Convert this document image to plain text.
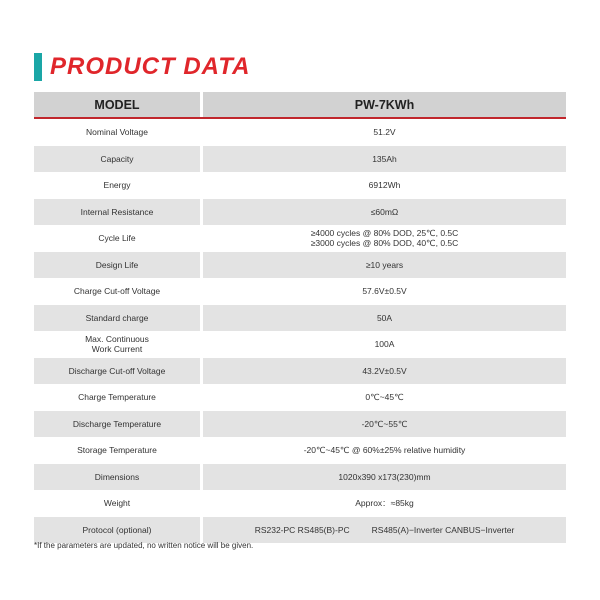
PRODUCT DATA
MODEL	PW-7KWh
Nominal Voltage	51.2V
Capacity	135Ah
Energy	6912Wh
Internal Resistance	≤60mΩ
Cycle Life	≥4000 cycles @ 80% DOD, 25℃, 0.5C
≥3000 cycles @ 80% DOD, 40℃, 0.5C
Design Life	≥10 years
Charge Cut-off Voltage	57.6V±0.5V
Standard charge	50A
Max. Continuous
Work Current	100A
Discharge Cut-off Voltage	43.2V±0.5V
Charge Temperature	0℃~45℃
Discharge Temperature	-20℃~55℃
Storage Temperature	-20℃~45℃ @ 60%±25% relative humidity
Dimensions	1020x390 x173(230)mm
Weight	Approx：≈85kg
Protocol (optional)	RS232-PC RS485(B)-PC	RS485(A)−Inverter CANBUS−Inverter
*If the parameters are updated, no written notice will be given.
